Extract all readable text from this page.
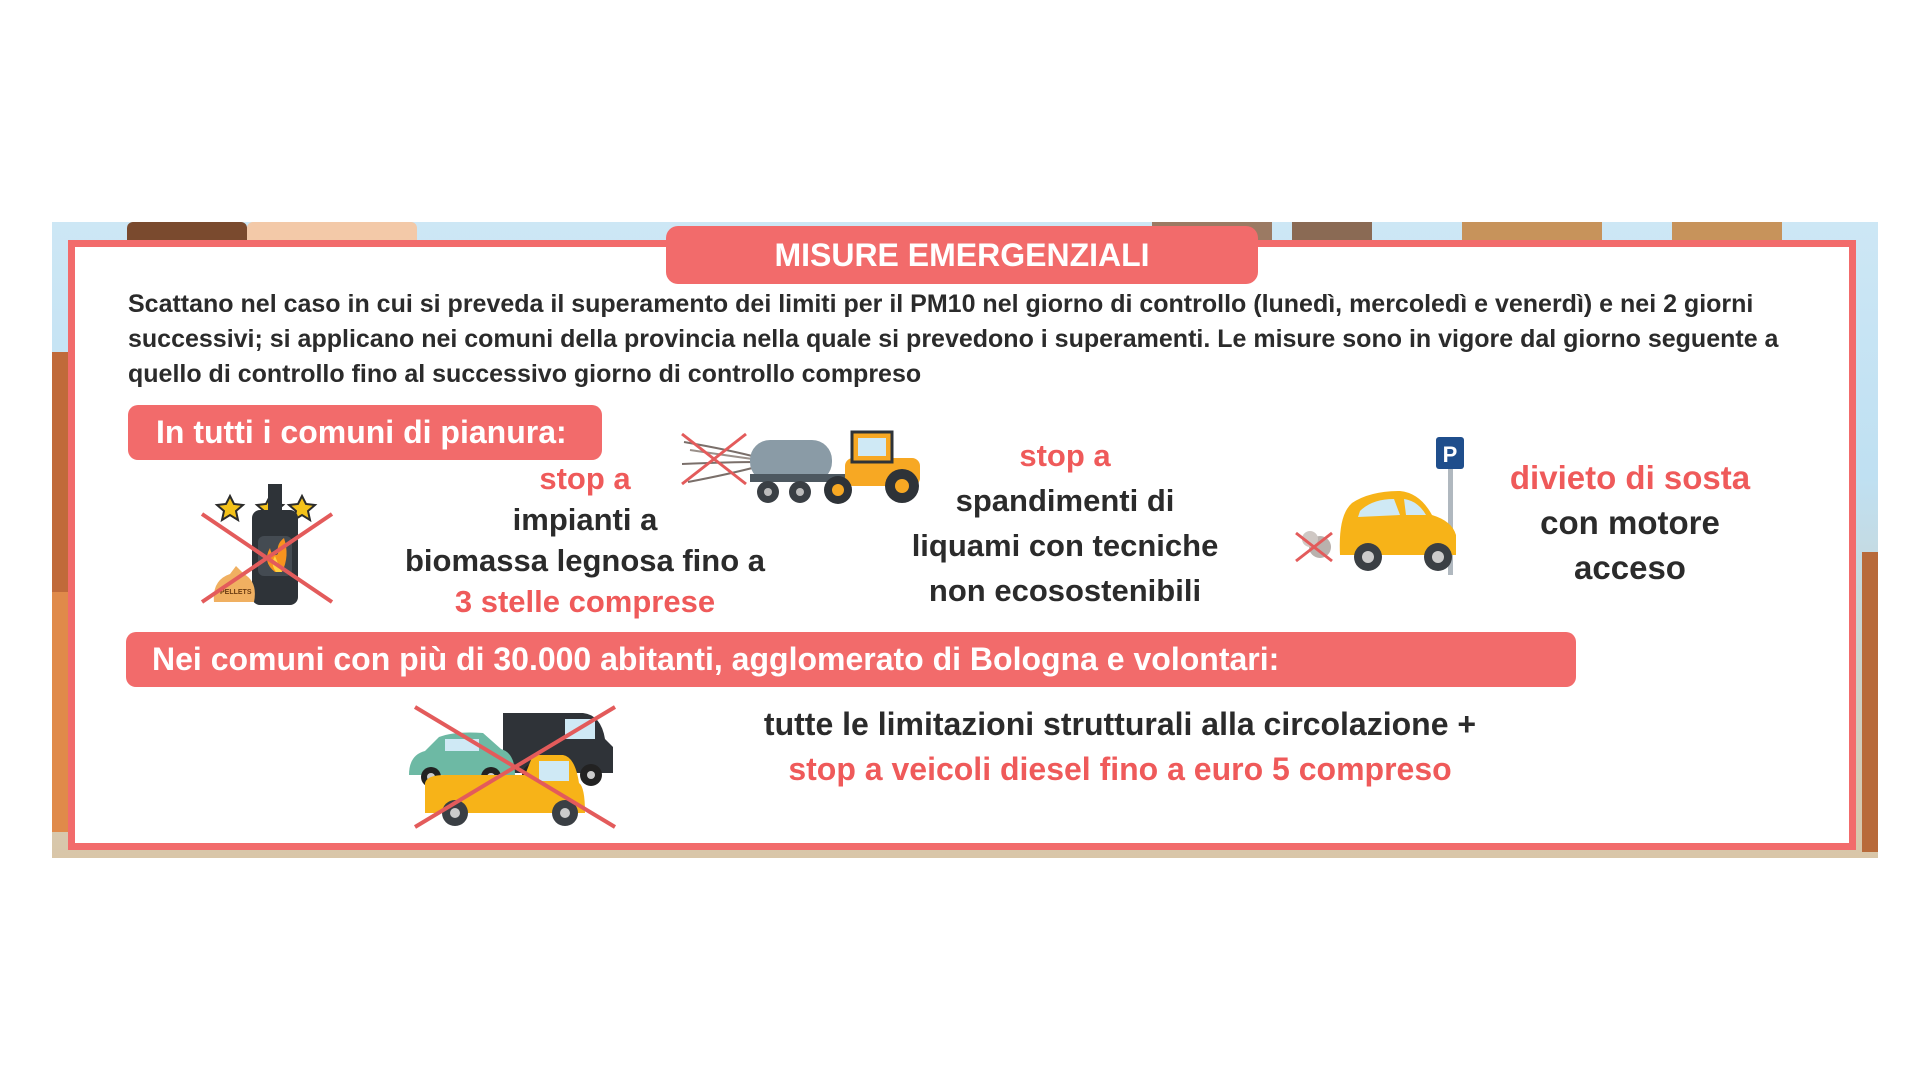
MISURE EMERGENZIALI
Scattano nel caso in cui si preveda il superamento dei limiti per il PM10 nel giorno di controllo (lunedì, mercoledì e venerdì) e nei 2 giorni successivi; si applicano nei comuni della provincia nella quale si prevedono i superamenti. Le misure sono in vigore dal giorno seguente a quello di controllo fino al successivo giorno di controllo compreso
In tutti i comuni di pianura:
PELLETS
stop a
impianti a
biomassa legnosa fino a
3 stelle comprese
stop a
spandimenti di
liquami con tecniche
non ecosostenibili
P
divieto di sosta
con motore
acceso
Nei comuni con più di 30.000 abitanti, agglomerato di Bologna e volontari:
tutte le limitazioni strutturali alla circolazione +
stop a veicoli diesel fino a euro 5 compreso
